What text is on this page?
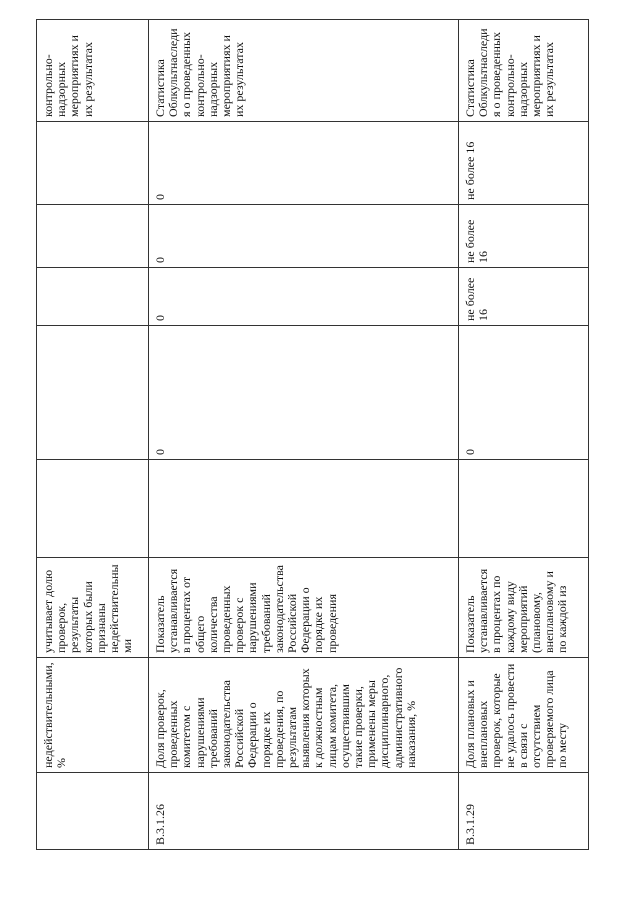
	недействительными, %	учитывает долю проверок, результаты которых были признаны недействительны ми						контрольно-надзорных мероприятиях и их результатах
В.3.1.26	Доля проверок, проведенных комитетом с нарушениями требований законодательства Российской Федерации о порядке их проведения, по результатам выявления которых к должностным лицам комитета, осуществившим такие проверки, применены меры дисциплинарного, административного наказания, %	Показатель устанавливается в процентах от общего количества проведенных проверок с нарушениями требований законодательства Российской Федерации о порядке их проведения		0	0	0	0	Статистика Облкультнаследия о проведенных контрольно-надзорных мероприятиях и их результатах
В.3.1.29	Доля плановых и внеплановых проверок, которые не удалось провести в связи с отсутствием проверяемого лица по месту	Показатель устанавливается в процентах по каждому виду мероприятий (плановому, внеплановому и по каждой из		0	не более 16	не более 16	не более 16	Статистика Облкультнаследия о проведенных контрольно-надзорных мероприятиях и их результатах
